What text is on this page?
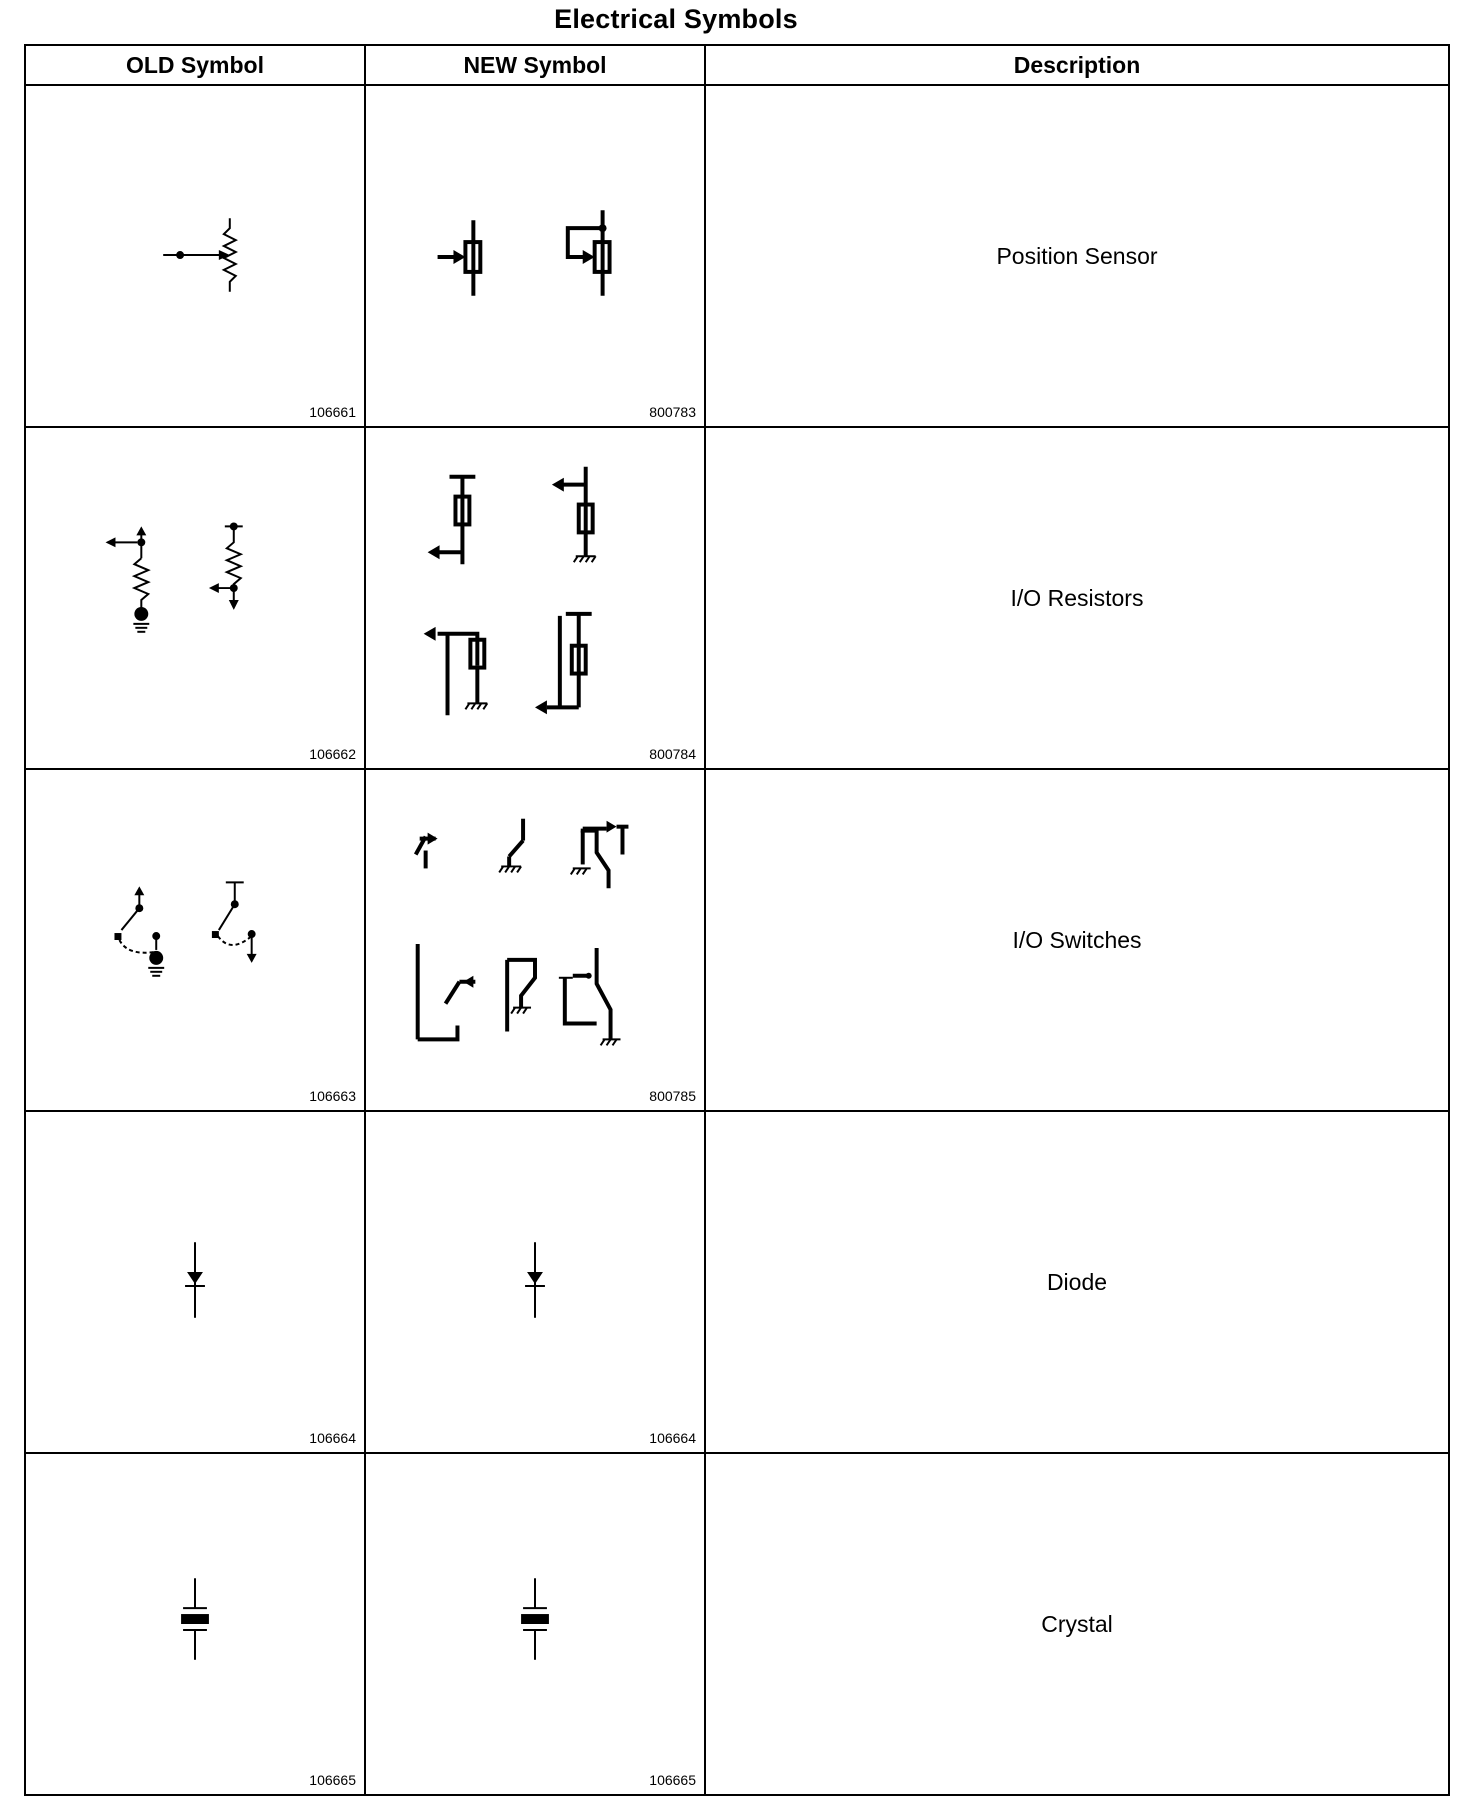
Electrical Symbols
OLD Symbol	NEW Symbol	Description

106661	800783	Position Sensor

106662	800784	I/O Resistors

106663	800785	I/O Switches

106664	106664	Diode

106665	106665	Crystal
